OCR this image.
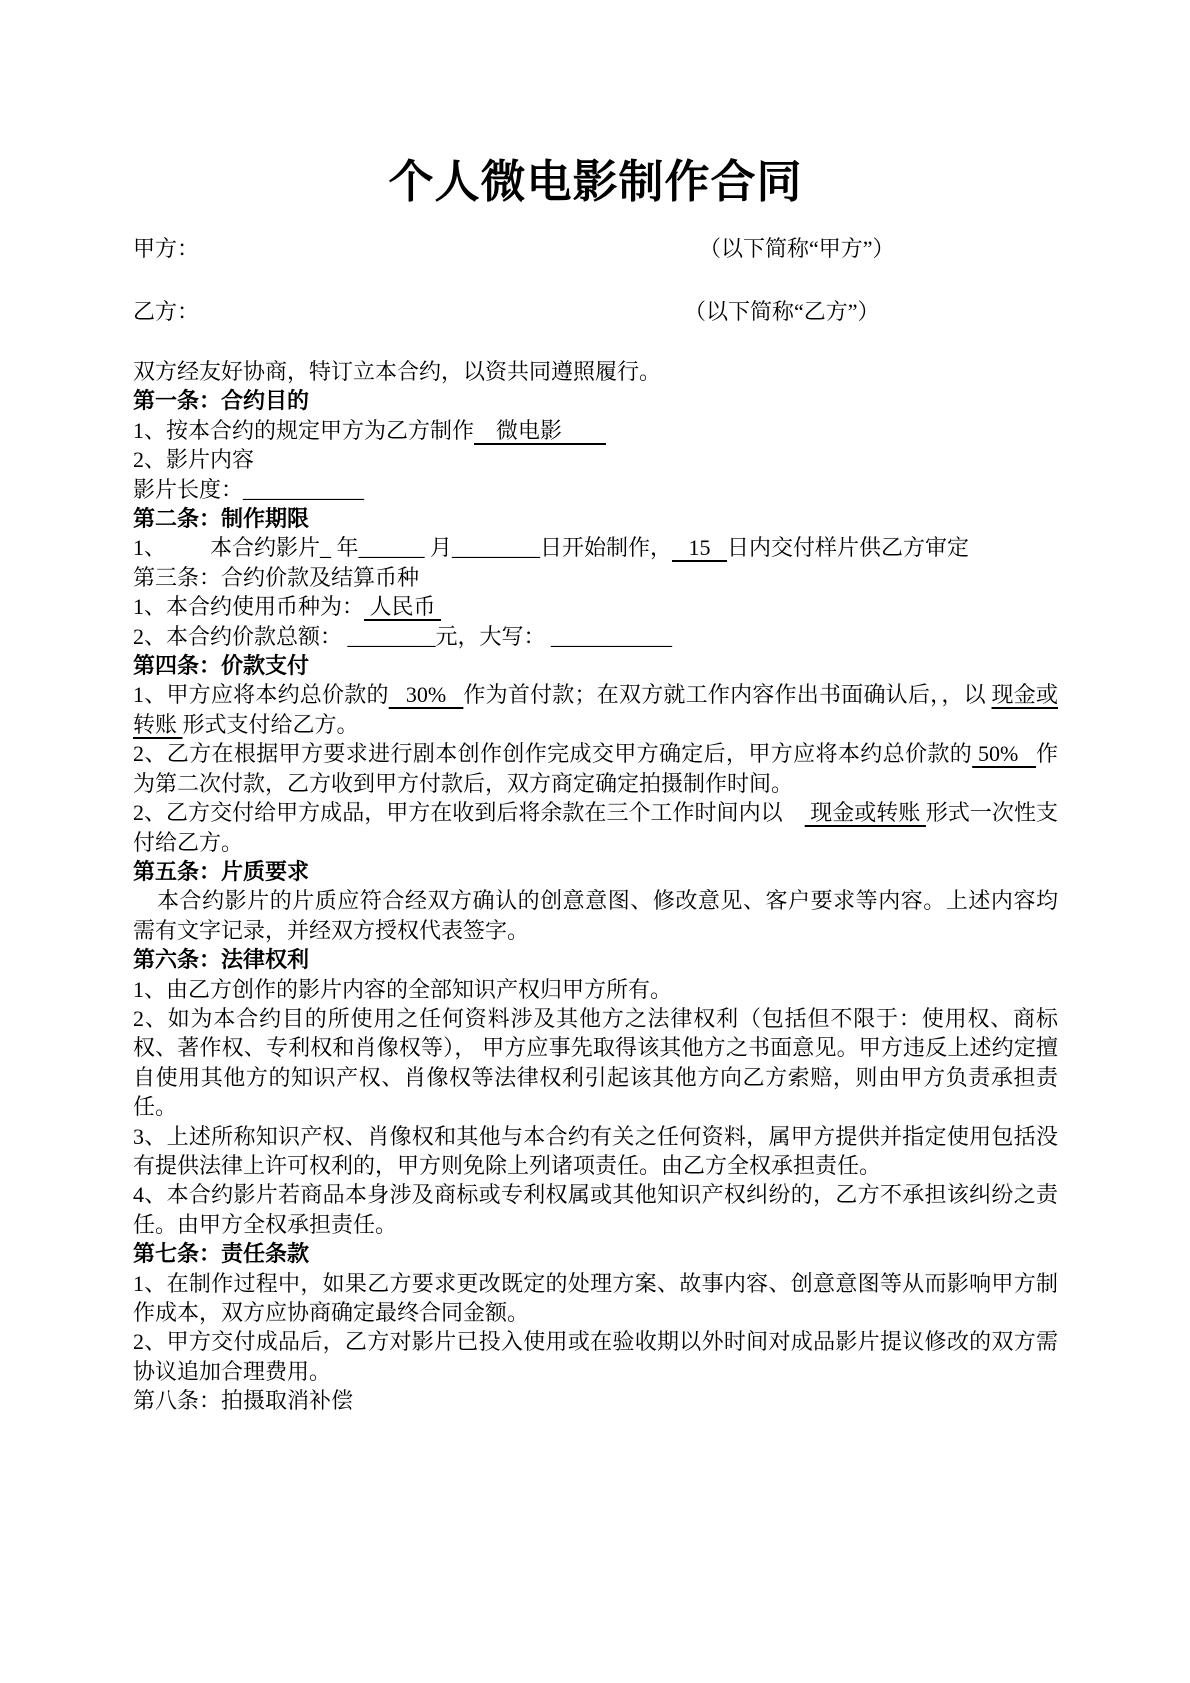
个人微电影制作合同
甲方：	（以下简称“甲方”）
乙方：	（以下简称“乙方”）

双方经友好协商，特订立本合约，以资共同遵照履行。

第一条：合约目的

1、按本合约的规定甲方为乙方制作    微电影

2、影片内容

影片长度：___________

第二条：制作期限

1、        本合约影片_ 年______ 月________日开始制作，   15   日内交付样片供乙方审定

第三条：合约价款及结算币种

1、本合约使用币种为： 人民币

2、本合约价款总额： ________元，大写： ___________

第四条：价款支付

1、甲方应将本约总价款的   30%   作为首付款；在双方就工作内容作出书面确认后，，以 现金或转账 形式支付给乙方。

2、乙方在根据甲方要求进行剧本创作创作完成交甲方确定后，甲方应将本约总价款的 50%   作为第二次付款，乙方收到甲方付款后，双方商定确定拍摄制作时间。

2、乙方交付给甲方成品，甲方在收到后将余款在三个工作时间内以     现金或转账 形式一次性支付给乙方。

第五条：片质要求

本合约影片的片质应符合经双方确认的创意意图、修改意见、客户要求等内容。上述内容均需有文字记录，并经双方授权代表签字。

第六条：法律权利

1、由乙方创作的影片内容的全部知识产权归甲方所有。

2、如为本合约目的所使用之任何资料涉及其他方之法律权利（包括但不限于：使用权、商标权、著作权、专利权和肖像权等）， 甲方应事先取得该其他方之书面意见。甲方违反上述约定擅自使用其他方的知识产权、肖像权等法律权利引起该其他方向乙方索赔，则由甲方负责承担责任。

3、上述所称知识产权、肖像权和其他与本合约有关之任何资料，属甲方提供并指定使用包括没有提供法律上许可权利的，甲方则免除上列诸项责任。由乙方全权承担责任。

4、本合约影片若商品本身涉及商标或专利权属或其他知识产权纠纷的，乙方不承担该纠纷之责任。由甲方全权承担责任。

第七条：责任条款

1、在制作过程中，如果乙方要求更改既定的处理方案、故事内容、创意意图等从而影响甲方制作成本，双方应协商确定最终合同金额。

2、甲方交付成品后，乙方对影片已投入使用或在验收期以外时间对成品影片提议修改的双方需协议追加合理费用。

第八条：拍摄取消补偿
